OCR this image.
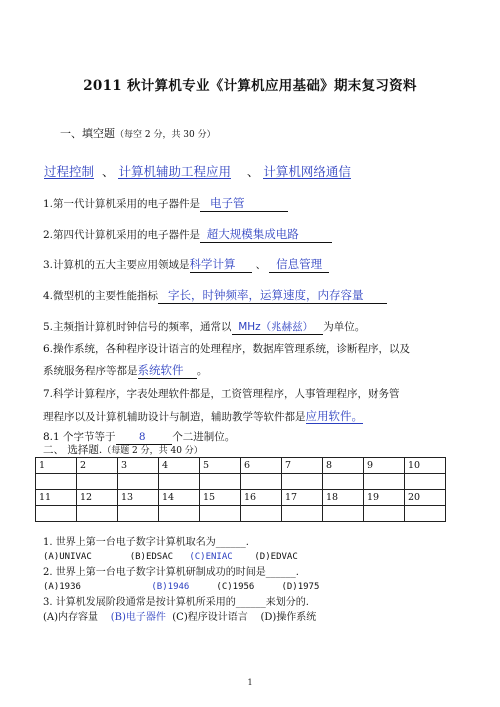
2011 秋计算机专业《计算机应用基础》期末复习资料
一、填空题（每空 2 分，共 30 分）
过程控制 、 计算机辅助工程应用 、 计算机网络通信
1.第一代计算机采用的电子器件是 电子管
2.第四代计算机采用的电子器件是 超大规模集成电路
3.计算机的五大主要应用领域是科学计算 、 信息管理
4.微型机的主要性能指标 字长，时钟频率，运算速度，内存容量
5.主频指计算机时钟信号的频率，通常以 MHz（兆赫兹） 为单位。
6.操作系统，各种程序设计语言的处理程序，数据库管理系统，诊断程序，以及
系统服务程序等都是系统软件 。
7.科学计算程序，字表处理软件都是，工资管理程序，人事管理程序，财务管
理程序以及计算机辅助设计与制造，辅助教学等软件都是应用软件。
8.1 个字节等于 8	个二进制位。
二、 选择题.（每题 2 分，共 40 分）
1	2	3	4	5	6	7	8	9	10

11	12	13	14	15	16	17	18	19	20

1. 世界上第一台电子数字计算机取名为______.
(A)UNIVAC	(B)EDSAC (C)ENIAC (D)EDVAC
2. 世界上第一台电子数字计算机研制成功的时间是______.
(A)1936	(B)1946	(C)1956	(D)1975
3. 计算机发展阶段通常是按计算机所采用的______来划分的.
(A)内存容量 (B)电子器件 (C)程序设计语言 (D)操作系统
1
